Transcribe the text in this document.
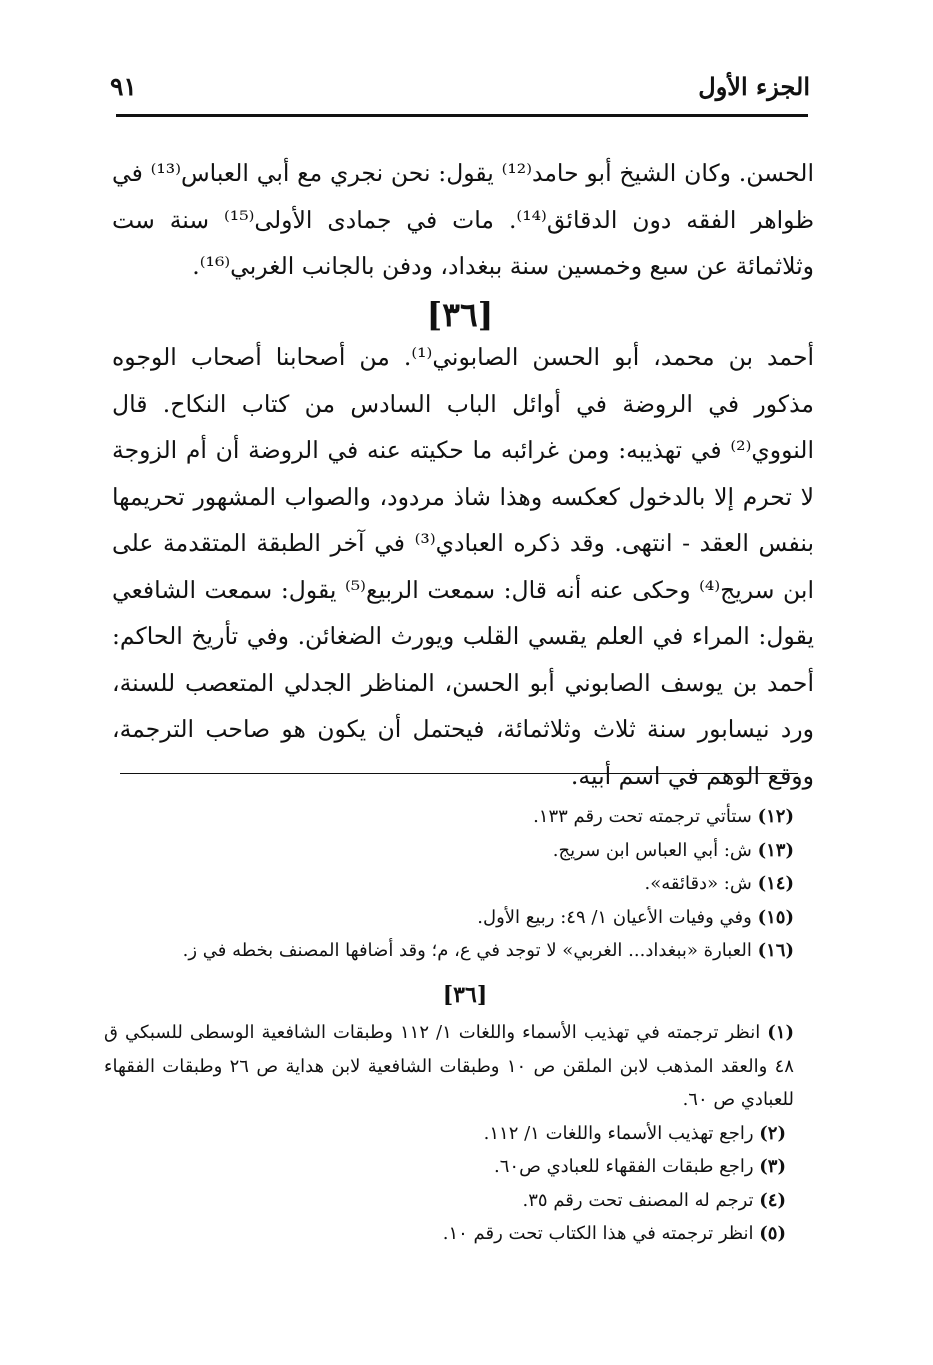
الجزء الأول
٩١

الحسن. وكان الشيخ أبو حامد⁽¹²⁾ يقول: نحن نجري مع أبي العباس⁽¹³⁾ في ظواهر الفقه دون الدقائق⁽¹⁴⁾. مات في جمادى الأولى⁽¹⁵⁾ سنة ست وثلاثمائة عن سبع وخمسين سنة ببغداد، ودفن بالجانب الغربي⁽¹⁶⁾.

[٣٦]

أحمد بن محمد، أبو الحسن الصابوني⁽¹⁾. من أصحابنا أصحاب الوجوه مذكور في الروضة في أوائل الباب السادس من كتاب النكاح. قال النووي⁽²⁾ في تهذيبه: ومن غرائبه ما حكيته عنه في الروضة أن أم الزوجة لا تحرم إلا بالدخول كعكسه وهذا شاذ مردود، والصواب المشهور تحريمها بنفس العقد - انتهى. وقد ذكره العبادي⁽³⁾ في آخر الطبقة المتقدمة على ابن سريج⁽⁴⁾ وحكى عنه أنه قال: سمعت الربيع⁽⁵⁾ يقول: سمعت الشافعي يقول: المراء في العلم يقسي القلب ويورث الضغائن. وفي تأريخ الحاكم: أحمد بن يوسف الصابوني أبو الحسن، المناظر الجدلي المتعصب للسنة، ورد نيسابور سنة ثلاث وثلاثمائة، فيحتمل أن يكون هو صاحب الترجمة، ووقع الوهم في اسم أبيه.

(١٢) ستأتي ترجمته تحت رقم ١٣٣.

(١٣) ش: أبي العباس ابن سريج.

(١٤) ش: «دقائقه».

(١٥) وفي وفيات الأعيان ١/ ٤٩: ربيع الأول.

(١٦) العبارة «ببغداد... الغربي» لا توجد في ع، م؛ وقد أضافها المصنف بخطه في ز.

[٣٦]

(١) انظر ترجمته في تهذيب الأسماء واللغات ١/ ١١٢ وطبقات الشافعية الوسطى للسبكي ق ٤٨ والعقد المذهب لابن الملقن ص ١٠ وطبقات الشافعية لابن هداية ص ٢٦ وطبقات الفقهاء للعبادي ص ٦٠.

(٢) راجع تهذيب الأسماء واللغات ١/ ١١٢.

(٣) راجع طبقات الفقهاء للعبادي ص٦٠.

(٤) ترجم له المصنف تحت رقم ٣٥.

(٥) انظر ترجمته في هذا الكتاب تحت رقم ١٠.
